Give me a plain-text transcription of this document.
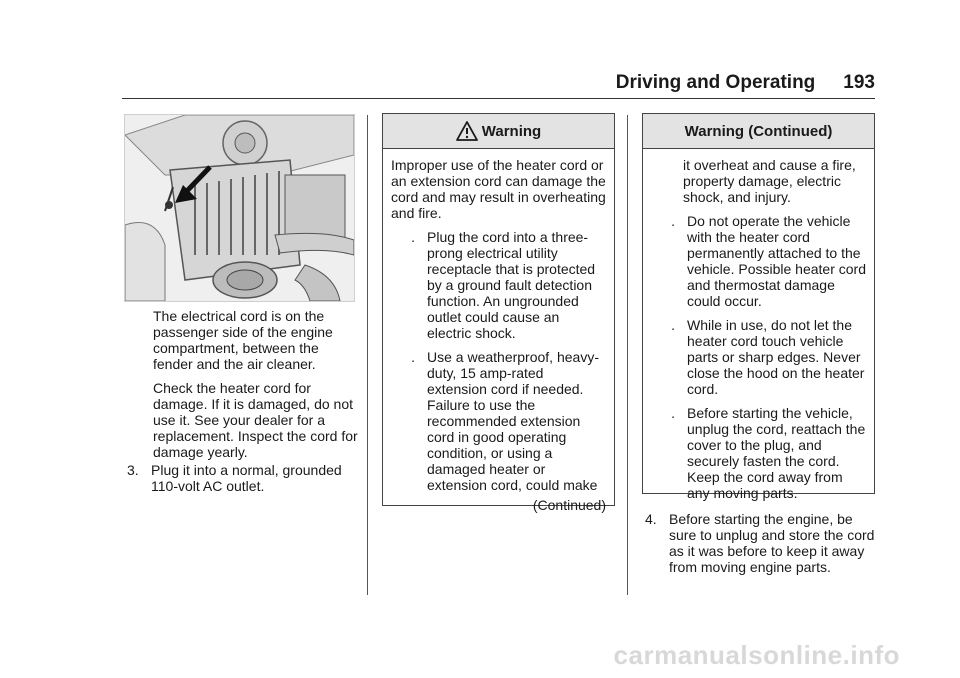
Driving and Operating 193

The electrical cord is on the passenger side of the engine compartment, between the fender and the air cleaner.

Check the heater cord for damage. If it is damaged, do not use it. See your dealer for a replacement. Inspect the cord for damage yearly.

3. Plug it into a normal, grounded 110-volt AC outlet.
Warning

Improper use of the heater cord or an extension cord can damage the cord and may result in overheating and fire.

. Plug the cord into a three-prong electrical utility receptacle that is protected by a ground fault detection function. An ungrounded outlet could cause an electric shock.
. Use a weatherproof, heavy-duty, 15 amp-rated extension cord if needed. Failure to use the recommended extension cord in good operating condition, or using a damaged heater or extension cord, could make
(Continued)
Warning (Continued)

it overheat and cause a fire, property damage, electric shock, and injury.

. Do not operate the vehicle with the heater cord permanently attached to the vehicle. Possible heater cord and thermostat damage could occur.
. While in use, do not let the heater cord touch vehicle parts or sharp edges. Never close the hood on the heater cord.
. Before starting the vehicle, unplug the cord, reattach the cover to the plug, and securely fasten the cord. Keep the cord away from any moving parts.
4. Before starting the engine, be sure to unplug and store the cord as it was before to keep it away from moving engine parts.
carmanualsonline.info
